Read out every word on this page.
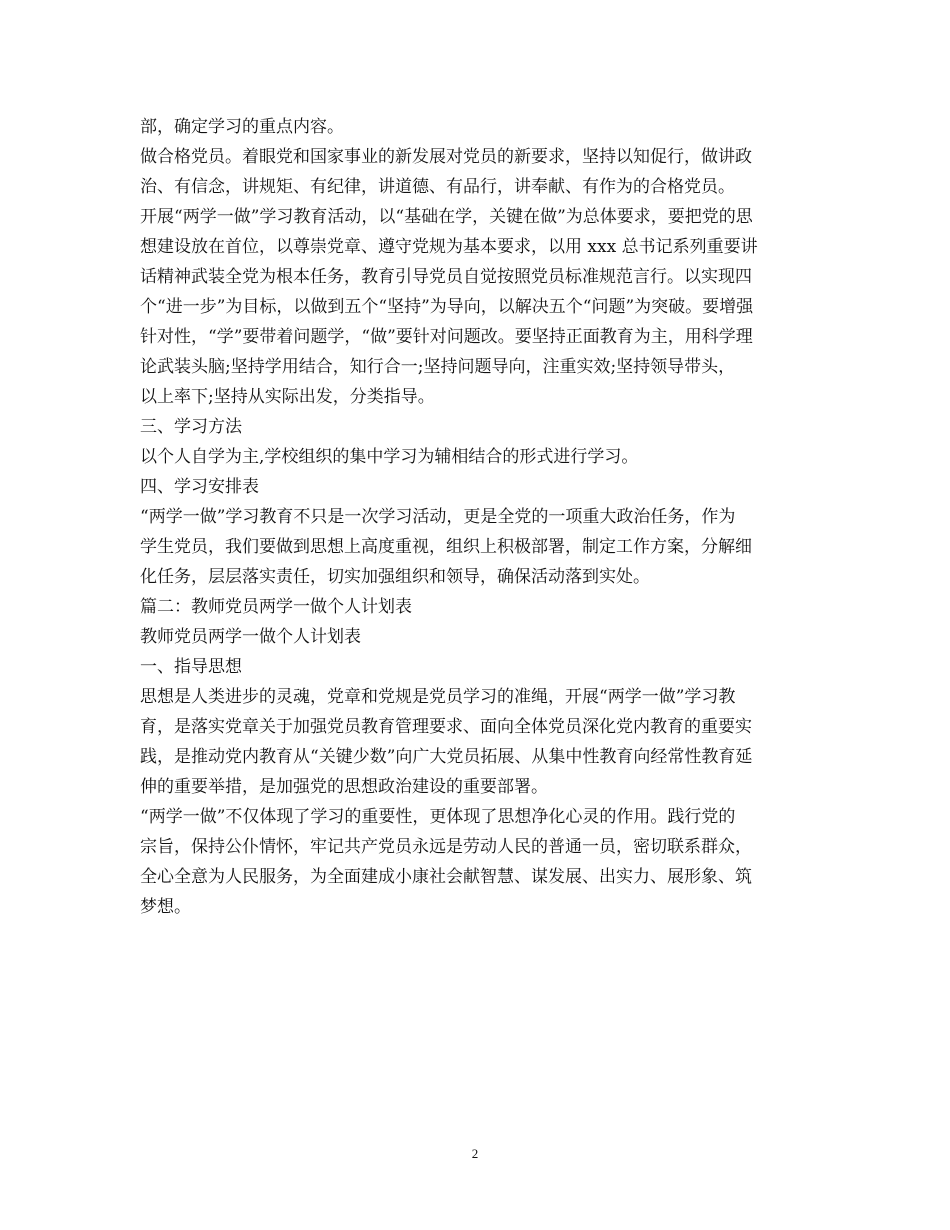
部，确定学习的重点内容。
做合格党员。着眼党和国家事业的新发展对党员的新要求，坚持以知促行，做讲政
治、有信念，讲规矩、有纪律，讲道德、有品行，讲奉献、有作为的合格党员。
开展“两学一做”学习教育活动，以“基础在学，关键在做”为总体要求，要把党的思
想建设放在首位，以尊崇党章、遵守党规为基本要求，以用 xxx 总书记系列重要讲
话精神武装全党为根本任务，教育引导党员自觉按照党员标准规范言行。以实现四
个“进一步”为目标，以做到五个“坚持”为导向，以解决五个“问题”为突破。要增强
针对性，“学”要带着问题学，“做”要针对问题改。要坚持正面教育为主，用科学理
论武装头脑;坚持学用结合，知行合一;坚持问题导向，注重实效;坚持领导带头，
以上率下;坚持从实际出发，分类指导。
三、学习方法
以个人自学为主,学校组织的集中学习为辅相结合的形式进行学习。
四、学习安排表
“两学一做”学习教育不只是一次学习活动，更是全党的一项重大政治任务，作为
学生党员，我们要做到思想上高度重视，组织上积极部署，制定工作方案，分解细
化任务，层层落实责任，切实加强组织和领导，确保活动落到实处。
篇二：教师党员两学一做个人计划表
教师党员两学一做个人计划表
一、指导思想
思想是人类进步的灵魂，党章和党规是党员学习的准绳，开展“两学一做”学习教
育，是落实党章关于加强党员教育管理要求、面向全体党员深化党内教育的重要实
践，是推动党内教育从“关键少数”向广大党员拓展、从集中性教育向经常性教育延
伸的重要举措，是加强党的思想政治建设的重要部署。
“两学一做”不仅体现了学习的重要性，更体现了思想净化心灵的作用。践行党的
宗旨，保持公仆情怀，牢记共产党员永远是劳动人民的普通一员，密切联系群众，
全心全意为人民服务，为全面建成小康社会献智慧、谋发展、出实力、展形象、筑
梦想。
2
